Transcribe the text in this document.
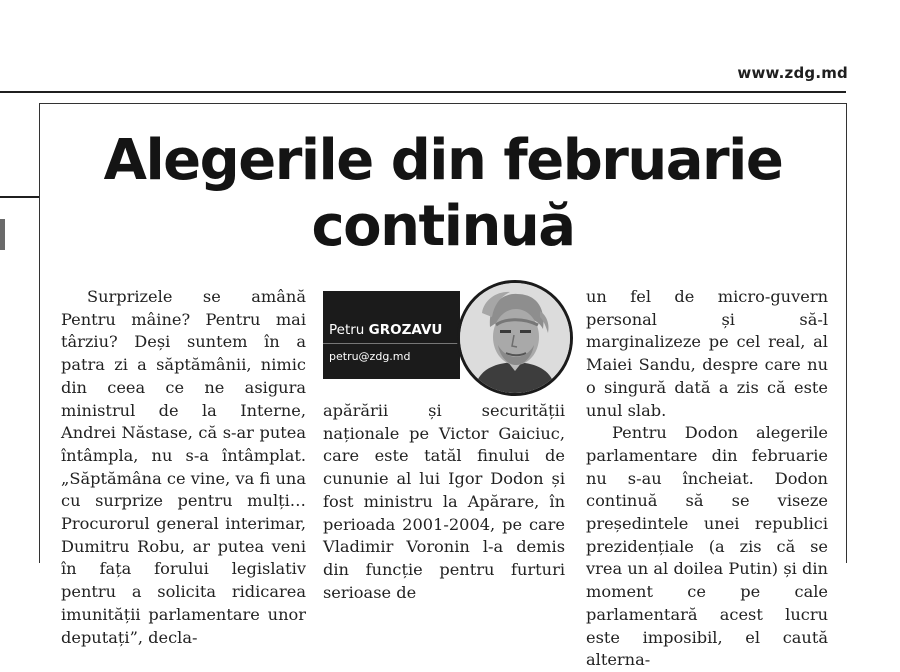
www.zdg.md
Alegerile din februarie
continuă

Surprizele se amână Pentru mâine? Pentru mai târziu? Deși suntem în a patra zi a săptămânii, nimic din ceea ce ne asigura ministrul de la Interne, Andrei Năstase, că s-ar putea întâmpla, nu s-a întâmplat. „Săptămâna ce vine, va fi una cu surprize pentru mulți… Procurorul general interimar, Dumitru Robu, ar putea veni în fața forului legislativ pentru a solicita ridicarea imunității parlamentare unor deputați”, decla-

Petru GROZAVU
petru@zdg.md

apărării și securității naționale pe Victor Gaiciuc, care este tatăl finului de cununie al lui Igor Dodon și fost ministru la Apărare, în perioada 2001-2004, pe care Vladimir Voronin l-a demis din funcție pentru furturi serioase de

un fel de micro-guvern personal și să-l marginalizeze pe cel real, al Maiei Sandu, despre care nu o singură dată a zis că este unul slab.

Pentru Dodon alegerile parlamentare din februarie nu s-au încheiat. Dodon continuă să se viseze președintele unei republici prezidențiale (a zis că se vrea un al doilea Putin) și din moment ce pe cale parlamentară acest lucru este imposibil, el caută alterna-
